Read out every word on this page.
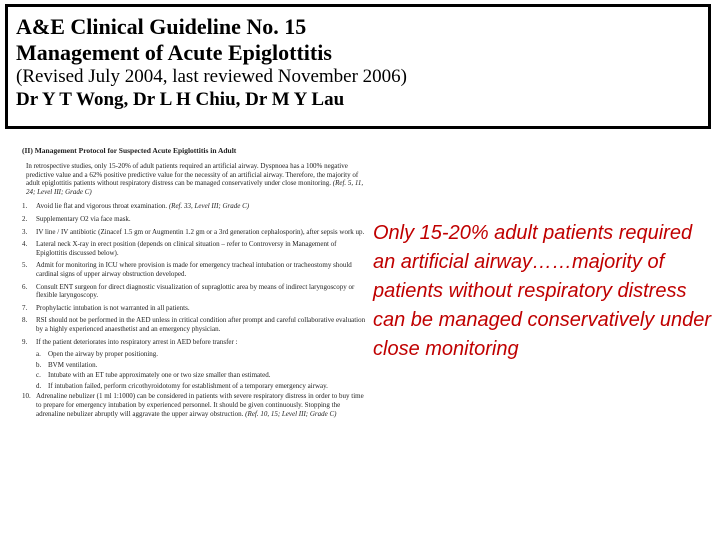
A&E Clinical Guideline No. 15
Management of Acute Epiglottitis
(Revised July 2004, last reviewed November 2006)
Dr Y T Wong, Dr L H Chiu, Dr M Y Lau
(II) Management Protocol for Suspected Acute Epiglottitis in Adult
In retrospective studies, only 15-20% of adult patients required an artificial airway. Dyspnoea has a 100% negative predictive value and a 62% positive predictive value for the necessity of an artificial airway. Therefore, the majority of adult epiglottitis patients without respiratory distress can be managed conservatively under close monitoring. (Ref. 5, 11, 24; Level III; Grade C)
1.	Avoid lie flat and vigorous throat examination. (Ref. 33, Level III; Grade C)
2.	Supplementary O2 via face mask.
3.	IV line / IV antibiotic (Zinacef 1.5 gm or Augmentin 1.2 gm or a 3rd generation cephalosporin), after sepsis work up.
4.	Lateral neck X-ray in erect position (depends on clinical situation – refer to Controversy in Management of Epiglottitis discussed below).
5.	Admit for monitoring in ICU where provision is made for emergency tracheal intubation or tracheostomy should cardinal signs of upper airway obstruction developed.
6.	Consult ENT surgeon for direct diagnostic visualization of supraglottic area by means of indirect laryngoscopy or flexible laryngoscopy.
7.	Prophylactic intubation is not warranted in all patients.
8.	RSI should not be performed in the AED unless in critical condition after prompt and careful collaborative evaluation by a highly experienced anaesthetist and an emergency physician.
9.	If the patient deteriorates into respiratory arrest in AED before transfer :
a.	Open the airway by proper positioning.
b. BVM ventilation.
c.	Intubate with an ET tube approximately one or two size smaller than estimated.
d. If intubation failed, perform cricothyroidotomy for establishment of a temporary emergency airway.
10. Adrenaline nebulizer (1 ml 1:1000) can be considered in patients with severe respiratory distress in order to buy time to prepare for emergency intubation by experienced personnel. It should be given continuously. Stopping the adrenaline nebulizer abruptly will aggravate the upper airway obstruction. (Ref. 10, 15; Level III; Grade C)
Only 15-20% adult patients required an artificial airway……majority of patients without respiratory distress can be managed conservatively under close monitoring
